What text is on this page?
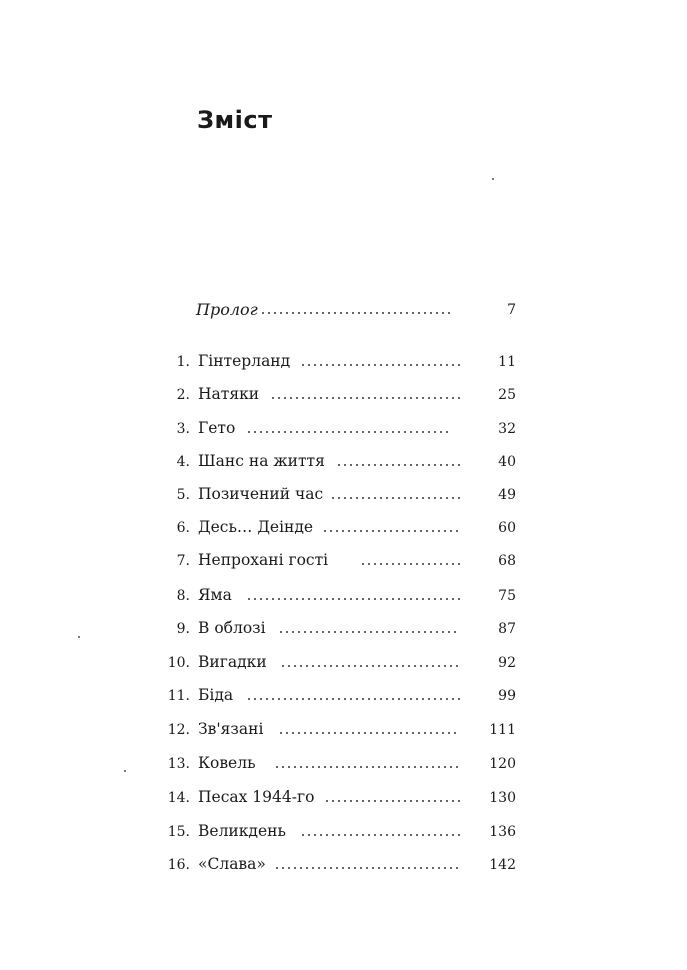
Зміст
Пролог	7
1. Гінтерланд	11
2. Натяки	25
3. Гето	32
4. Шанс на життя	40
5. Позичений час	49
6. Десь… Деінде	60
7. Непрохані гості	68
8. Яма	75
9. В облозі	87
10. Вигадки	92
11. Біда	99
12. Зв'язані	111
13. Ковель	120
14. Песах 1944-го	130
15. Великдень	136
16. «Слава»	142
